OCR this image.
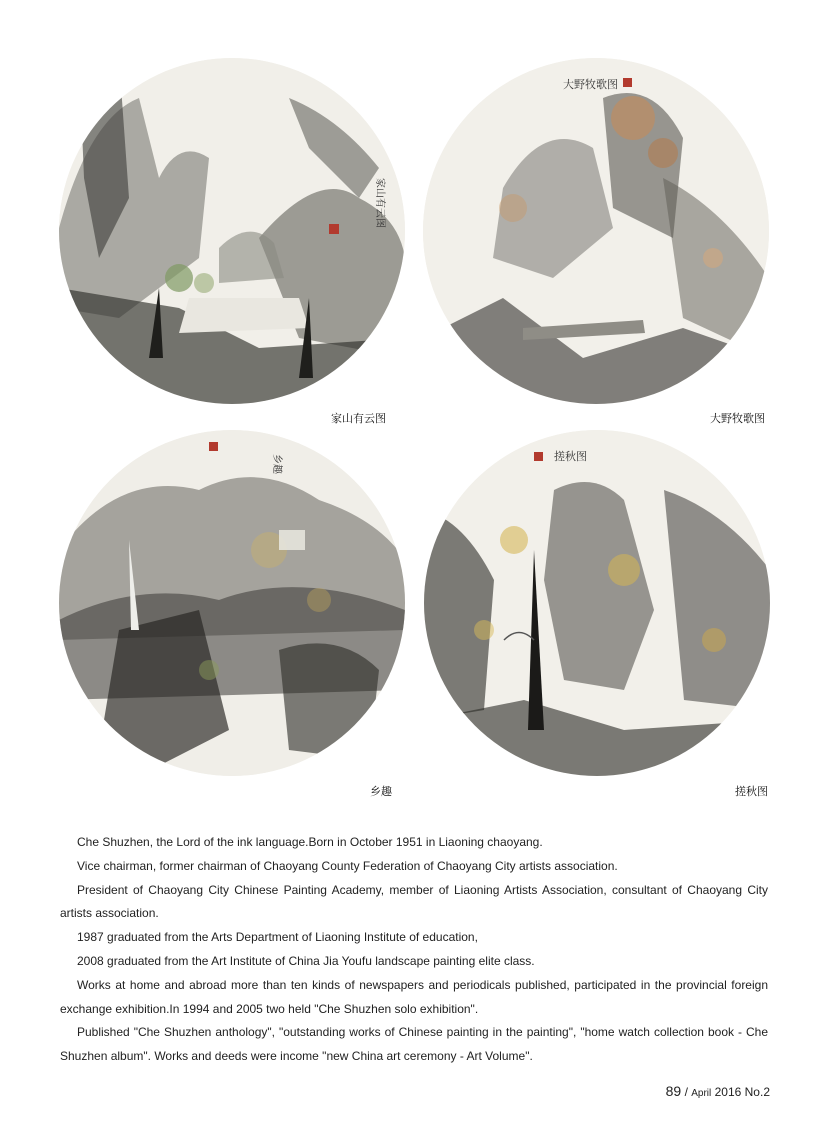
家山有云图
大野牧歌图
乡趣	搓秋图
家山有云图	大野牧歌图
乡趣	搓秋图

Che Shuzhen, the Lord of the ink language.Born in October 1951 in Liaoning chaoyang.

Vice chairman, former chairman of Chaoyang County Federation of Chaoyang City artists association.

President of Chaoyang City Chinese Painting Academy, member of Liaoning Artists Association, consultant of Chaoyang City artists association.

1987 graduated from the Arts Department of Liaoning Institute of education,

2008 graduated from the Art Institute of China Jia Youfu landscape painting elite class.

Works at home and abroad more than ten kinds of newspapers and periodicals published, participated in the provincial foreign exchange exhibition.In 1994 and 2005 two held "Che Shuzhen solo exhibition".

Published "Che Shuzhen anthology", "outstanding works of Chinese painting in the painting", "home watch collection book - Che Shuzhen album". Works and deeds were income "new China art ceremony - Art Volume".

89 / April 2016 No.2
